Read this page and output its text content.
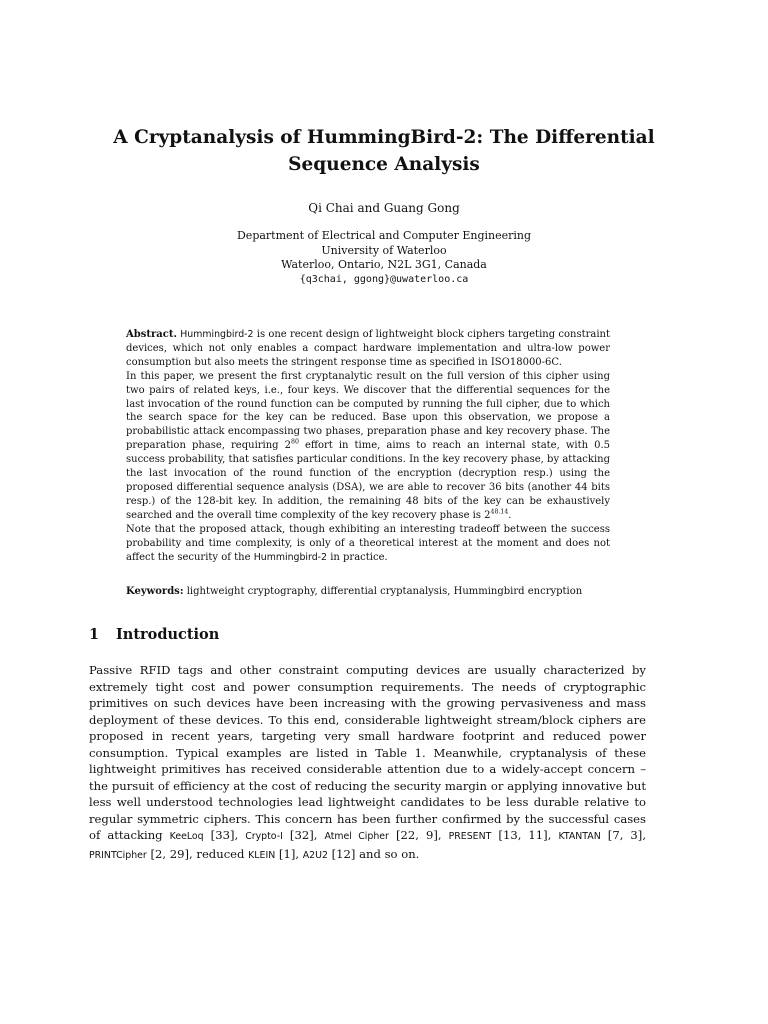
A Cryptanalysis of HummingBird-2: The Differential
Sequence Analysis
Qi Chai and Guang Gong
Department of Electrical and Computer Engineering
University of Waterloo
Waterloo, Ontario, N2L 3G1, Canada
{q3chai, ggong}@uwaterloo.ca

Abstract. Hummingbird-2 is one recent design of lightweight block ciphers targeting constraint devices, which not only enables a compact hardware implementation and ultra-low power consumption but also meets the stringent response time as specified in ISO18000-6C.

In this paper, we present the first cryptanalytic result on the full version of this cipher using two pairs of related keys, i.e., four keys. We discover that the differential sequences for the last invocation of the round function can be computed by running the full cipher, due to which the search space for the key can be reduced. Base upon this observation, we propose a probabilistic attack encompassing two phases, preparation phase and key recovery phase. The preparation phase, requiring $2^{80}$ effort in time, aims to reach an internal state, with 0.5 success probability, that satisfies particular conditions. In the key recovery phase, by attacking the last invocation of the round function of the encryption (decryption resp.) using the proposed differential sequence analysis (DSA), we are able to recover 36 bits (another 44 bits resp.) of the 128-bit key. In addition, the remaining 48 bits of the key can be exhaustively searched and the overall time complexity of the key recovery phase is $2^{48.14}$.

Note that the proposed attack, though exhibiting an interesting tradeoff between the success probability and time complexity, is only of a theoretical interest at the moment and does not affect the security of the Hummingbird-2 in practice.

Keywords: lightweight cryptography, differential cryptanalysis, Hummingbird encryption
1 Introduction

Passive RFID tags and other constraint computing devices are usually characterized by extremely tight cost and power consumption requirements. The needs of cryptographic primitives on such devices have been increasing with the growing pervasiveness and mass deployment of these devices. To this end, considerable lightweight stream/block ciphers are proposed in recent years, targeting very small hardware footprint and reduced power consumption. Typical examples are listed in Table 1. Meanwhile, cryptanalysis of these lightweight primitives has received considerable attention due to a widely-accept concern – the pursuit of efficiency at the cost of reducing the security margin or applying innovative but less well understood technologies lead lightweight candidates to be less durable relative to regular symmetric ciphers. This concern has been further confirmed by the successful cases of attacking KeeLoq [33], Crypto-I [32], Atmel Cipher [22, 9], PRESENT [13, 11], KTANTAN [7, 3], PRINTCipher [2, 29], reduced KLEIN [1], A2U2 [12] and so on.
